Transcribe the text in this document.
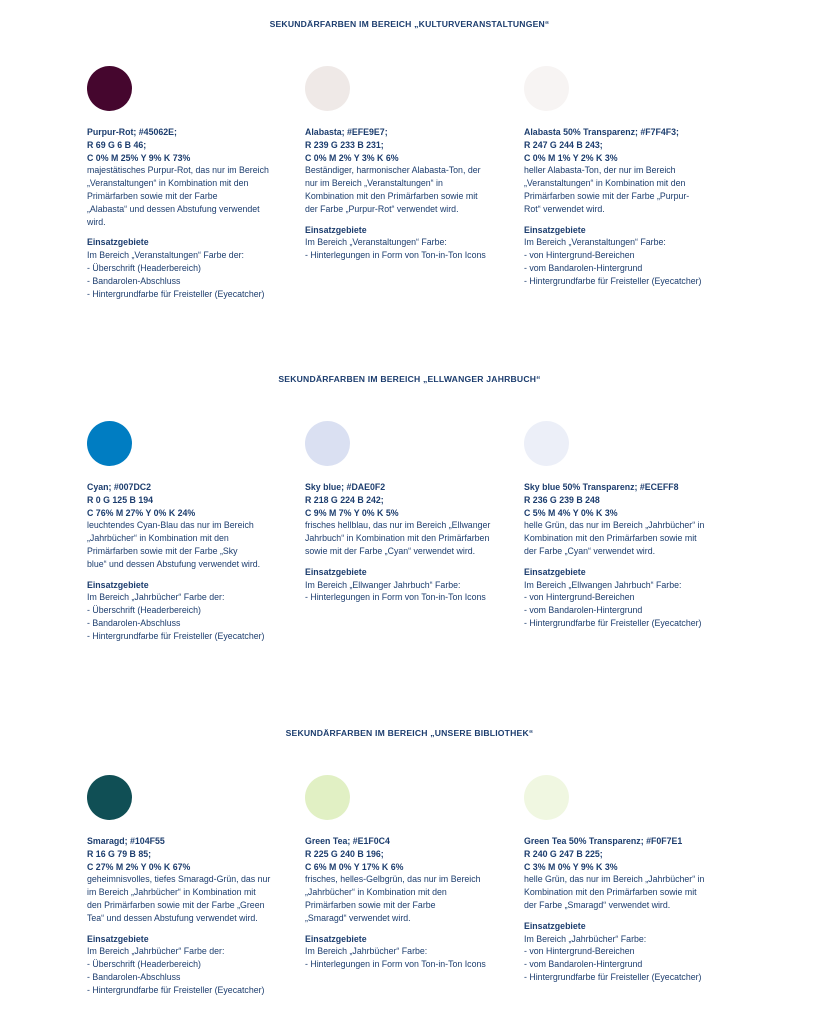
SEKUNDÄRFARBEN IM BEREICH „KULTURVERANSTALTUNGEN“
Purpur-Rot; #45062E;
R 69 G 6 B 46;
C 0% M 25% Y 9% K 73%
majestätisches Purpur-Rot, das nur im Bereich
„Veranstaltungen“ in Kombination mit den
Primärfarben sowie mit der Farbe
„Alabasta“ und dessen Abstufung verwendet
wird.
Einsatzgebiete
Im Bereich „Veranstaltungen“ Farbe der:
- Überschrift (Headerbereich)
- Bandarolen-Abschluss
- Hintergrundfarbe für Freisteller (Eyecatcher)
Alabasta; #EFE9E7;
R 239 G 233 B 231;
C 0% M 2% Y 3% K 6%
Beständiger, harmonischer Alabasta-Ton, der
nur im Bereich „Veranstaltungen“ in
Kombination mit den Primärfarben sowie mit
der Farbe „Purpur-Rot“ verwendet wird.
Einsatzgebiete
Im Bereich „Veranstaltungen“ Farbe:
- Hinterlegungen in Form von Ton-in-Ton Icons
Alabasta 50% Transparenz; #F7F4F3;
R 247 G 244 B 243;
C 0% M 1% Y 2% K 3%
heller Alabasta-Ton, der nur im Bereich
„Veranstaltungen“ in Kombination mit den
Primärfarben sowie mit der Farbe „Purpur-
Rot“ verwendet wird.
Einsatzgebiete
Im Bereich „Veranstaltungen“ Farbe:
- von Hintergrund-Bereichen
- vom Bandarolen-Hintergrund
- Hintergrundfarbe für Freisteller (Eyecatcher)
SEKUNDÄRFARBEN IM BEREICH „ELLWANGER JAHRBUCH“
Cyan; #007DC2
R 0 G 125 B 194
C 76% M 27% Y 0% K 24%
leuchtendes Cyan-Blau das nur im Bereich
„Jahrbücher“ in Kombination mit den
Primärfarben sowie mit der Farbe „Sky
blue“ und dessen Abstufung verwendet wird.
Einsatzgebiete
Im Bereich „Jahrbücher“ Farbe der:
- Überschrift (Headerbereich)
- Bandarolen-Abschluss
- Hintergrundfarbe für Freisteller (Eyecatcher)
Sky blue; #DAE0F2
R 218 G 224 B 242;
C 9% M 7% Y 0% K 5%
frisches hellblau, das nur im Bereich „Ellwanger
Jahrbuch“ in Kombination mit den Primärfarben
sowie mit der Farbe „Cyan“ verwendet wird.
Einsatzgebiete
Im Bereich „Ellwanger Jahrbuch“ Farbe:
- Hinterlegungen in Form von Ton-in-Ton Icons
Sky blue 50% Transparenz; #ECEFF8
R 236 G 239 B 248
C 5% M 4% Y 0% K 3%
helle Grün, das nur im Bereich „Jahrbücher“ in
Kombination mit den Primärfarben sowie mit
der Farbe „Cyan“ verwendet wird.
Einsatzgebiete
Im Bereich „Ellwangen Jahrbuch“ Farbe:
- von Hintergrund-Bereichen
- vom Bandarolen-Hintergrund
- Hintergrundfarbe für Freisteller (Eyecatcher)
SEKUNDÄRFARBEN IM BEREICH „UNSERE BIBLIOTHEK“
Smaragd; #104F55
R 16 G 79 B 85;
C 27% M 2% Y 0% K 67%
geheimnisvolles, tiefes Smaragd-Grün, das nur
im Bereich „Jahrbücher“ in Kombination mit
den Primärfarben sowie mit der Farbe „Green
Tea“ und dessen Abstufung verwendet wird.
Einsatzgebiete
Im Bereich „Jahrbücher“ Farbe der:
- Überschrift (Headerbereich)
- Bandarolen-Abschluss
- Hintergrundfarbe für Freisteller (Eyecatcher)
Green Tea; #E1F0C4
R 225 G 240 B 196;
C 6% M 0% Y 17% K 6%
frisches, helles-Gelbgrün, das nur im Bereich
„Jahrbücher“ in Kombination mit den
Primärfarben sowie mit der Farbe
„Smaragd“ verwendet wird.
Einsatzgebiete
Im Bereich „Jahrbücher“ Farbe:
- Hinterlegungen in Form von Ton-in-Ton Icons
Green Tea 50% Transparenz; #F0F7E1
R 240 G 247 B 225;
C 3% M 0% Y 9% K 3%
helle Grün, das nur im Bereich „Jahrbücher“ in
Kombination mit den Primärfarben sowie mit
der Farbe „Smaragd“ verwendet wird.
Einsatzgebiete
Im Bereich „Jahrbücher“ Farbe:
- von Hintergrund-Bereichen
- vom Bandarolen-Hintergrund
- Hintergrundfarbe für Freisteller (Eyecatcher)
